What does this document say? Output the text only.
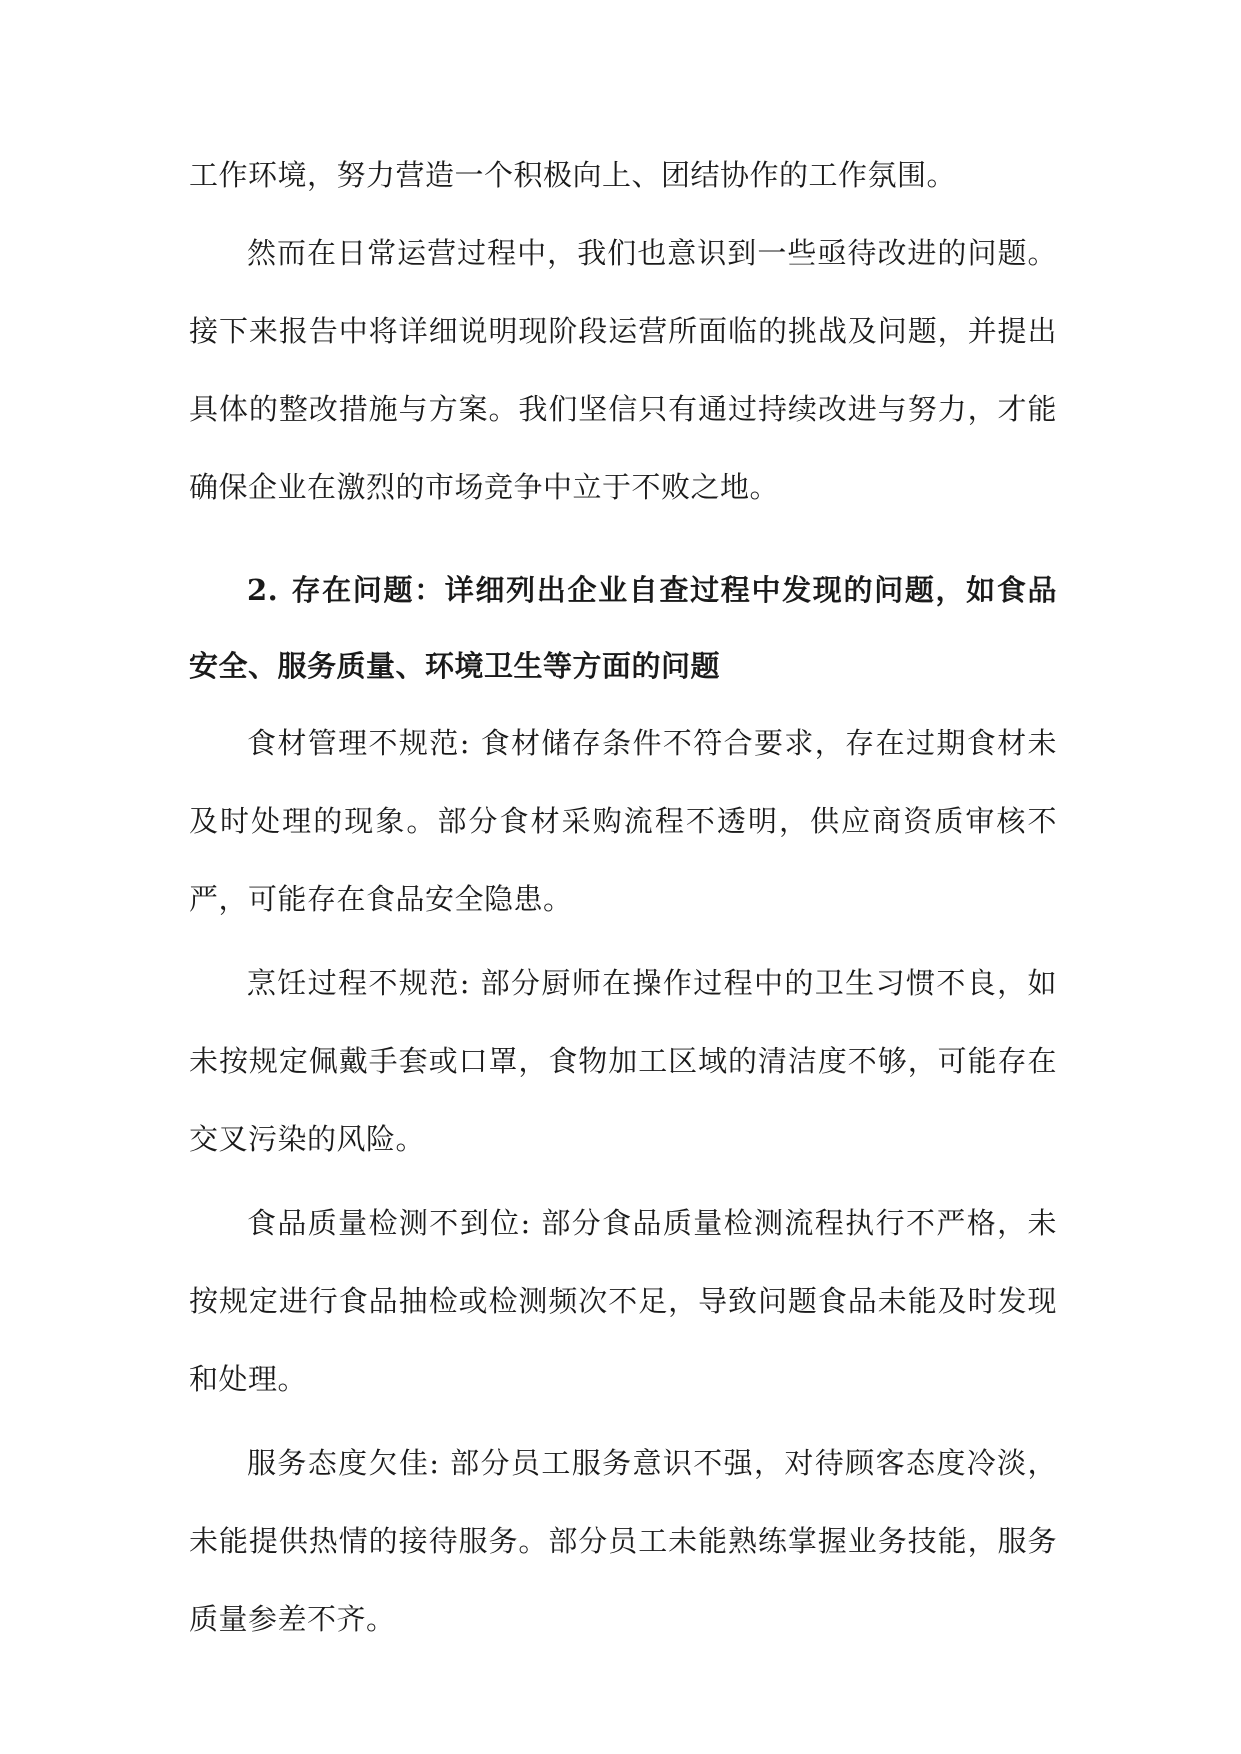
工作环境，努力营造一个积极向上、团结协作的工作氛围。

然而在日常运营过程中，我们也意识到一些亟待改进的问题。接下来报告中将详细说明现阶段运营所面临的挑战及问题，并提出具体的整改措施与方案。我们坚信只有通过持续改进与努力，才能确保企业在激烈的市场竞争中立于不败之地。

2. 存在问题：详细列出企业自查过程中发现的问题，如食品安全、服务质量、环境卫生等方面的问题

食材管理不规范: 食材储存条件不符合要求，存在过期食材未及时处理的现象。部分食材采购流程不透明，供应商资质审核不严，可能存在食品安全隐患。

烹饪过程不规范: 部分厨师在操作过程中的卫生习惯不良，如未按规定佩戴手套或口罩，食物加工区域的清洁度不够，可能存在交叉污染的风险。

食品质量检测不到位: 部分食品质量检测流程执行不严格，未按规定进行食品抽检或检测频次不足，导致问题食品未能及时发现和处理。

服务态度欠佳: 部分员工服务意识不强，对待顾客态度冷淡，未能提供热情的接待服务。部分员工未能熟练掌握业务技能，服务质量参差不齐。
